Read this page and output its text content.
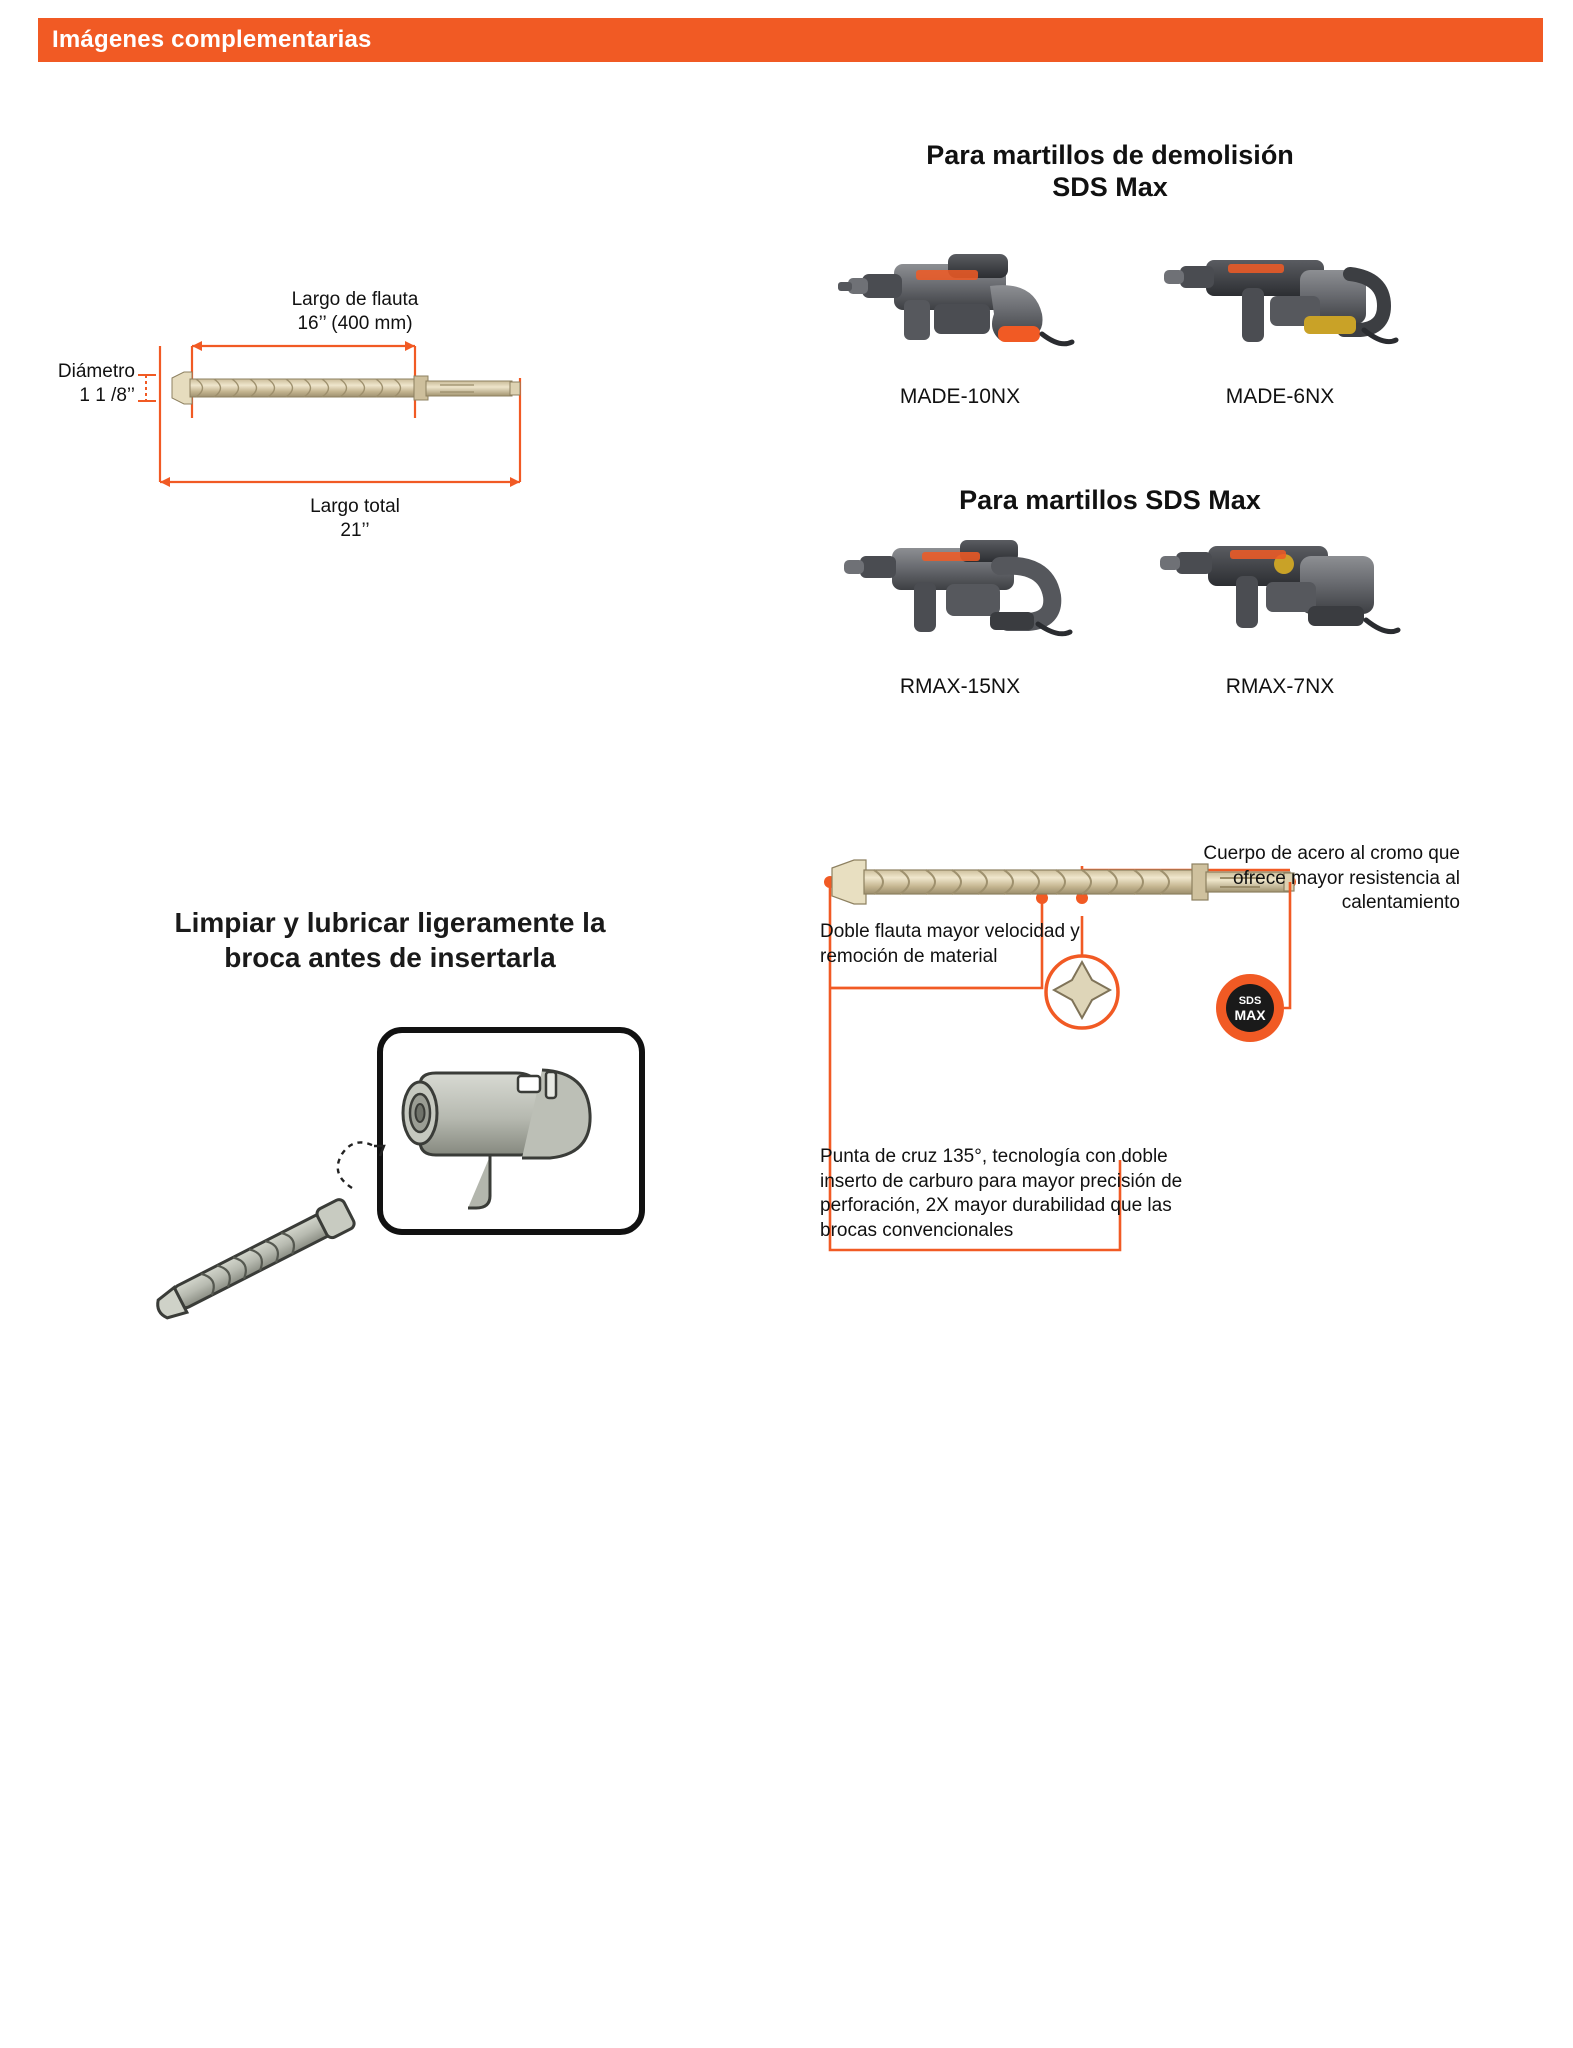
Imágenes complementarias
Largo de flauta
16’’ (400 mm)
Largo total
21’’
Diámetro
1 1 /8’’
Para martillos de demolisión
SDS Max
MADE-10NX	MADE-6NX
Para martillos SDS Max
RMAX-15NX	RMAX-7NX
Limpiar y lubricar ligeramente la
broca antes de insertarla
Cuerpo de acero al cromo que ofrece mayor resistencia al calentamiento
Doble flauta mayor velocidad y remoción de material
Punta de cruz 135°, tecnología con doble inserto de carburo para mayor precisión de perforación, 2X mayor durabilidad que las brocas convencionales
SDS
MAX
